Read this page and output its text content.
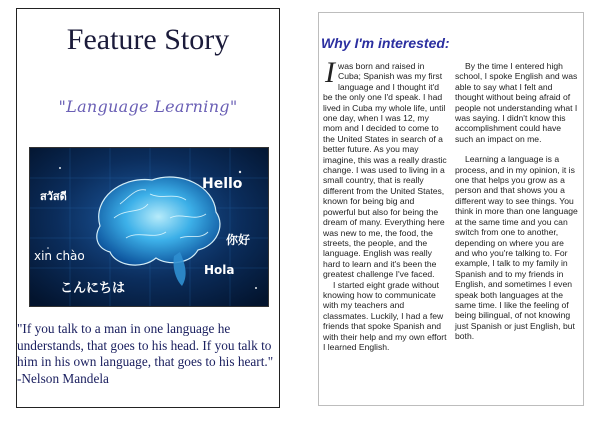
Feature Story
"Language Learning"
สวัสดี
Hello
你好
xin chào
Hola
こんにちは
"If you talk to a man in one language he understands, that goes to his head. If you talk to him in his own language, that goes to his heart."
-Nelson Mandela
Why I'm interested:

Iwas born and raised in Cuba; Spanish was my first language and I thought it'd be the only one I'd speak. I had lived in Cuba my whole life, until one day, when I was 12, my mom and I decided to come to the United States in search of a better future. As you may imagine, this was a really drastic change. I was used to living in a small country, that is really different from the United States, known for being big and powerful but also for being the dream of many. Everything here was new to me, the food, the streets, the people, and the language. English was really hard to learn and it's been the greatest challenge I've faced.

I started eight grade without knowing how to communicate with my teachers and classmates. Luckily, I had a few friends that spoke Spanish and with their help and my own effort I learned English.

By the time I entered high school, I spoke English and was able to say what I felt and thought without being afraid of people not understanding what I was saying. I didn't know this accomplishment could have such an impact on me.

Learning a language is a process, and in my opinion, it is one that helps you grow as a person and that shows you a different way to see things. You think in more than one language at the same time and you can switch from one to another, depending on where you are and who you're talking to. For example, I talk to my family in Spanish and to my friends in English, and sometimes I even speak both languages at the same time. I like the feeling of being bilingual, of not knowing just Spanish or just English, but both.
